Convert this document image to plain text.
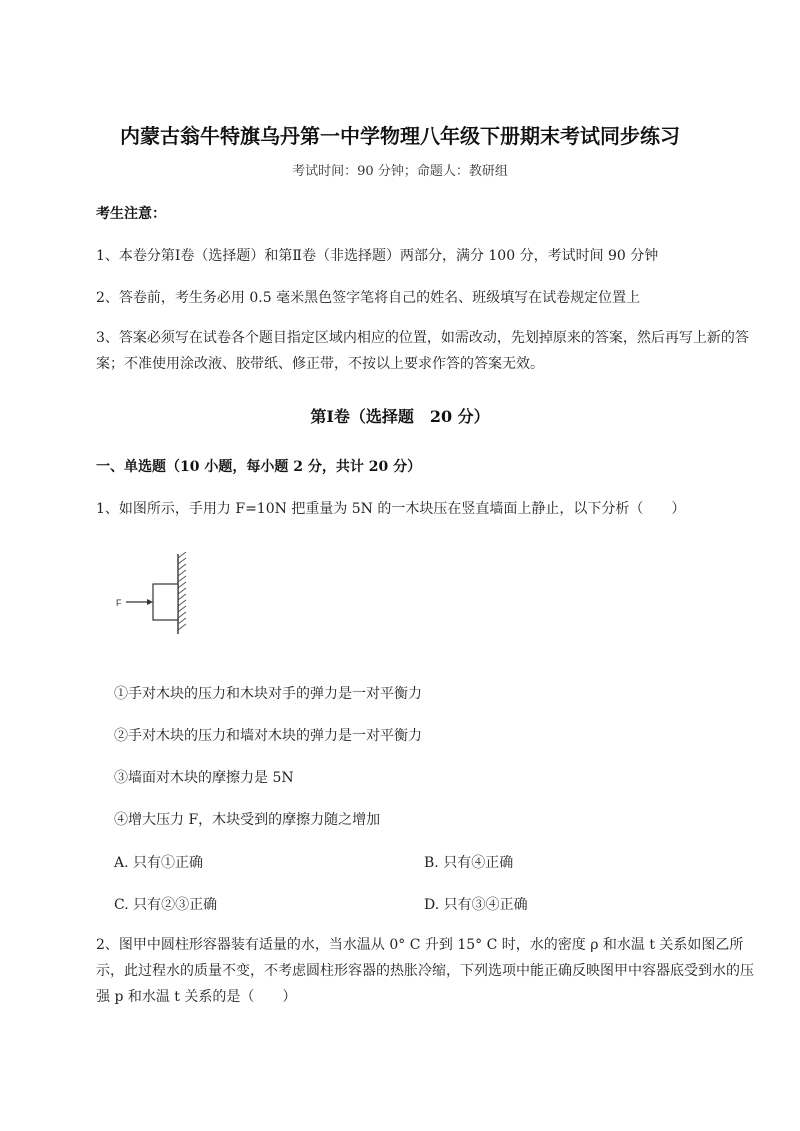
内蒙古翁牛特旗乌丹第一中学物理八年级下册期末考试同步练习
考试时间：90 分钟；命题人：教研组
考生注意：
1、本卷分第Ⅰ卷（选择题）和第Ⅱ卷（非选择题）两部分，满分 100 分，考试时间 90 分钟
2、答卷前，考生务必用 0.5 毫米黑色签字笔将自己的姓名、班级填写在试卷规定位置上
3、答案必须写在试卷各个题目指定区域内相应的位置，如需改动，先划掉原来的答案，然后再写上新的答案；不准使用涂改液、胶带纸、修正带，不按以上要求作答的答案无效。
第Ⅰ卷（选择题　20 分）
一、单选题（10 小题，每小题 2 分，共计 20 分）
1、如图所示，手用力 F=10N 把重量为 5N 的一木块压在竖直墙面上静止，以下分析（　　）
F
①手对木块的压力和木块对手的弹力是一对平衡力
②手对木块的压力和墙对木块的弹力是一对平衡力
③墙面对木块的摩擦力是 5N
④增大压力 F，木块受到的摩擦力随之增加
A. 只有①正确	B. 只有④正确
C. 只有②③正确	D. 只有③④正确
2、图甲中圆柱形容器装有适量的水，当水温从 0° C 升到 15° C 时，水的密度 ρ 和水温 t 关系如图乙所示，此过程水的质量不变，不考虑圆柱形容器的热胀冷缩，下列选项中能正确反映图甲中容器底受到水的压强 p 和水温 t 关系的是（　　）
